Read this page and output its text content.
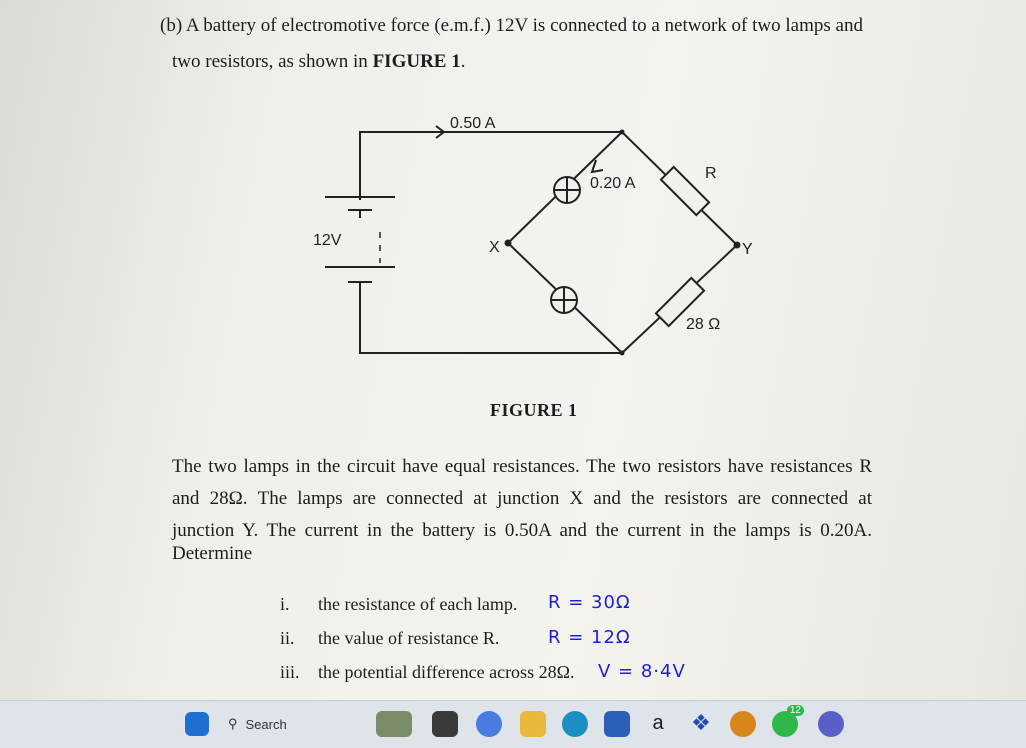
(b) A battery of electromotive force (e.m.f.) 12V is connected to a network of two lamps and
two resistors, as shown in FIGURE 1.
0.50 A
0.20 A
12V	X	Y
R
28 Ω
FIGURE 1
The two lamps in the circuit have equal resistances. The two resistors have resistances R
and 28Ω. The lamps are connected at junction X and the resistors are connected at
junction Y. The current in the battery is 0.50A and the current in the lamps is 0.20A.
Determine
i. the resistance of each lamp. R = 30Ω
ii. the value of resistance R.	R = 12Ω
iii. the potential difference across 28Ω. V = 8·4V
⚲ Search	a	❖	12
